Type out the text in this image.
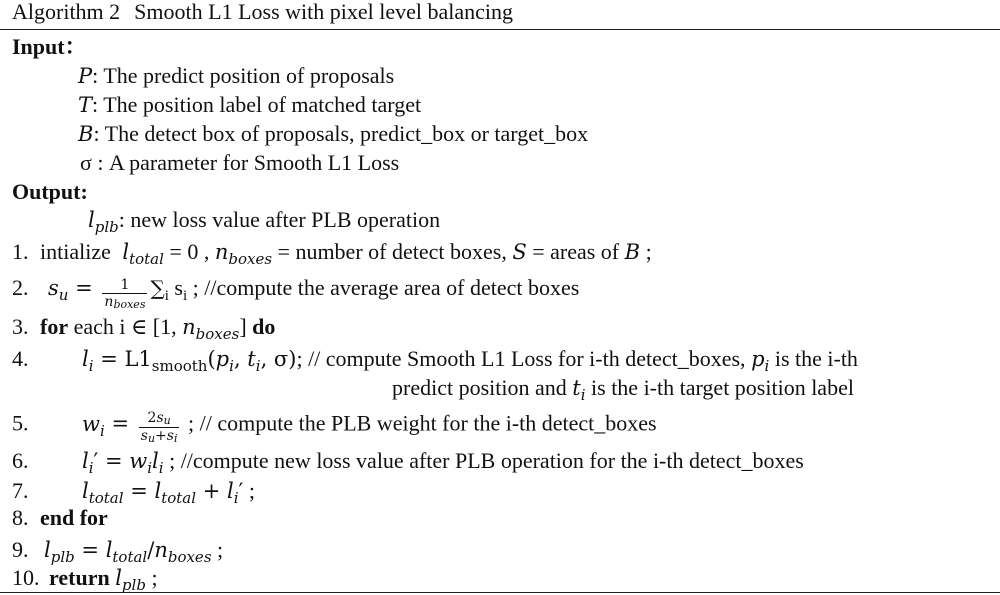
Algorithm 2 Smooth L1 Loss with pixel level balancing
Input：
P: The predict position of proposals
T: The position label of matched target
B: The detect box of proposals, predict_box or target_box
σ : A parameter for Smooth L1 Loss
Output:
$l_{plb}$: new loss value after PLB operation
1. intialize $l_{total} = 0$ , $n_{boxes}$ = number of detect boxes, S = areas of B ;
2. $s_u = \frac{1}{\text{nboxes}} \sum_i$ $s_i$ ; //compute the average area of detect boxes
3. for each i ∈ [1, $n_{boxes}$] do
4.	$l_i = L1_{smooth}(p_i$, $t_i$, σ); // compute Smooth L1 Loss for i-th detect_boxes, $p_i$ is the i-th
predict position and $t_i$ is the i-th target position label
5.	$w_i = \frac{2su}{su+si}$ ; // compute the PLB weight for the i-th detect_boxes
6.	$l_i' = w_il_i$ ; //compute new loss value after PLB operation for the i-th detect_boxes
7.	$l_{total} = l_{total} + l_i'$ ;
8. end for
9. $l_{plb} = l_{total}/n_{boxes}$ ;
10. return $l_{plb}$ ;
